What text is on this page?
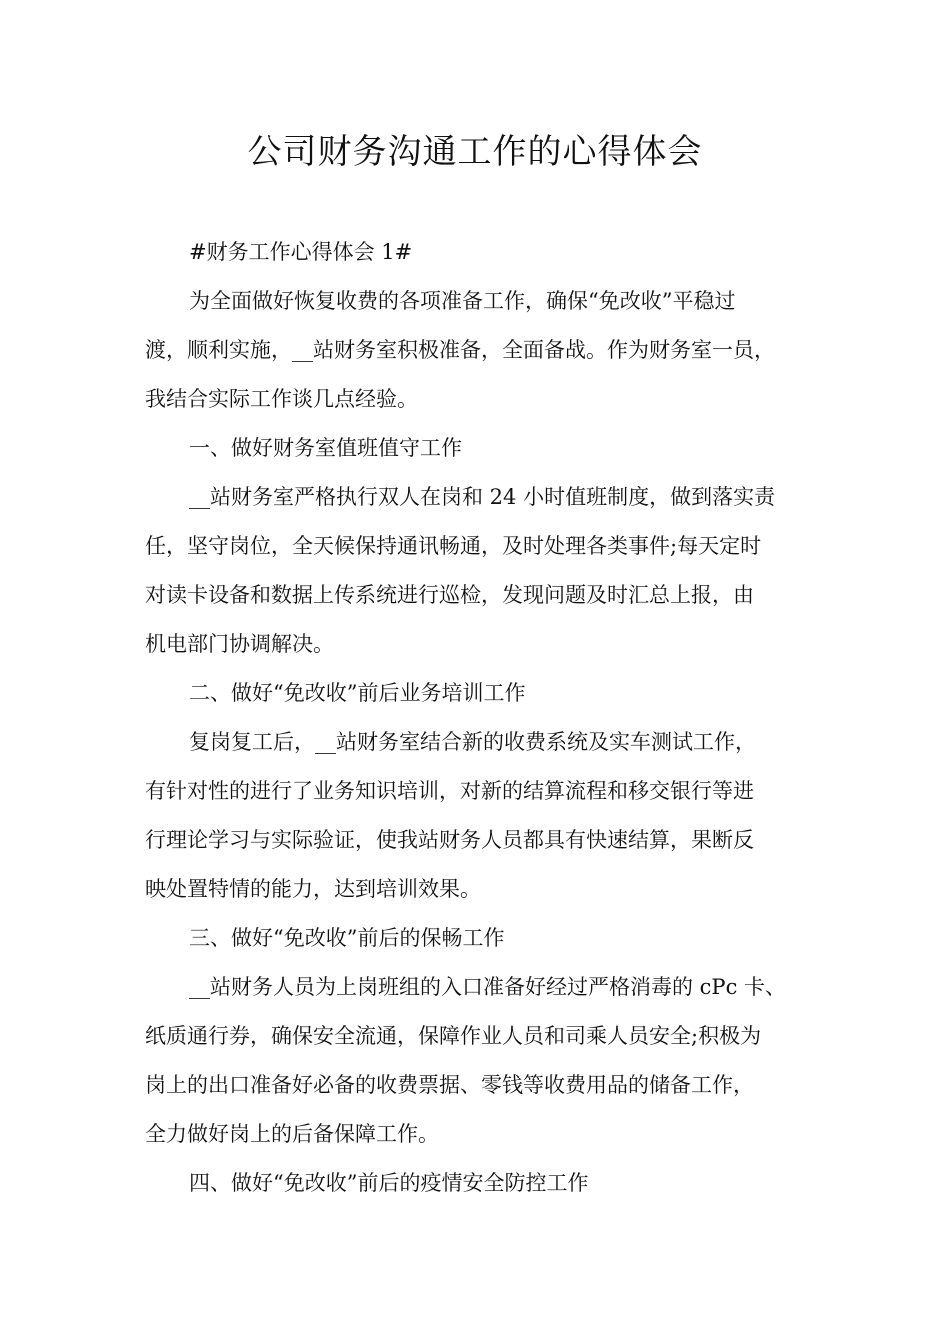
公司财务沟通工作的心得体会

#财务工作心得体会 1#

为全面做好恢复收费的各项准备工作，确保“免改收”平稳过
渡，顺利实施，__站财务室积极准备，全面备战。作为财务室一员，
我结合实际工作谈几点经验。

一、做好财务室值班值守工作

__站财务室严格执行双人在岗和 24 小时值班制度，做到落实责
任，坚守岗位，全天候保持通讯畅通，及时处理各类事件;每天定时
对读卡设备和数据上传系统进行巡检，发现问题及时汇总上报，由
机电部门协调解决。

二、做好“免改收”前后业务培训工作

复岗复工后，__站财务室结合新的收费系统及实车测试工作，
有针对性的进行了业务知识培训，对新的结算流程和移交银行等进
行理论学习与实际验证，使我站财务人员都具有快速结算，果断反
映处置特情的能力，达到培训效果。

三、做好“免改收”前后的保畅工作

__站财务人员为上岗班组的入口准备好经过严格消毒的 cPc 卡、
纸质通行券，确保安全流通，保障作业人员和司乘人员安全;积极为
岗上的出口准备好必备的收费票据、零钱等收费用品的储备工作，
全力做好岗上的后备保障工作。

四、做好“免改收”前后的疫情安全防控工作
